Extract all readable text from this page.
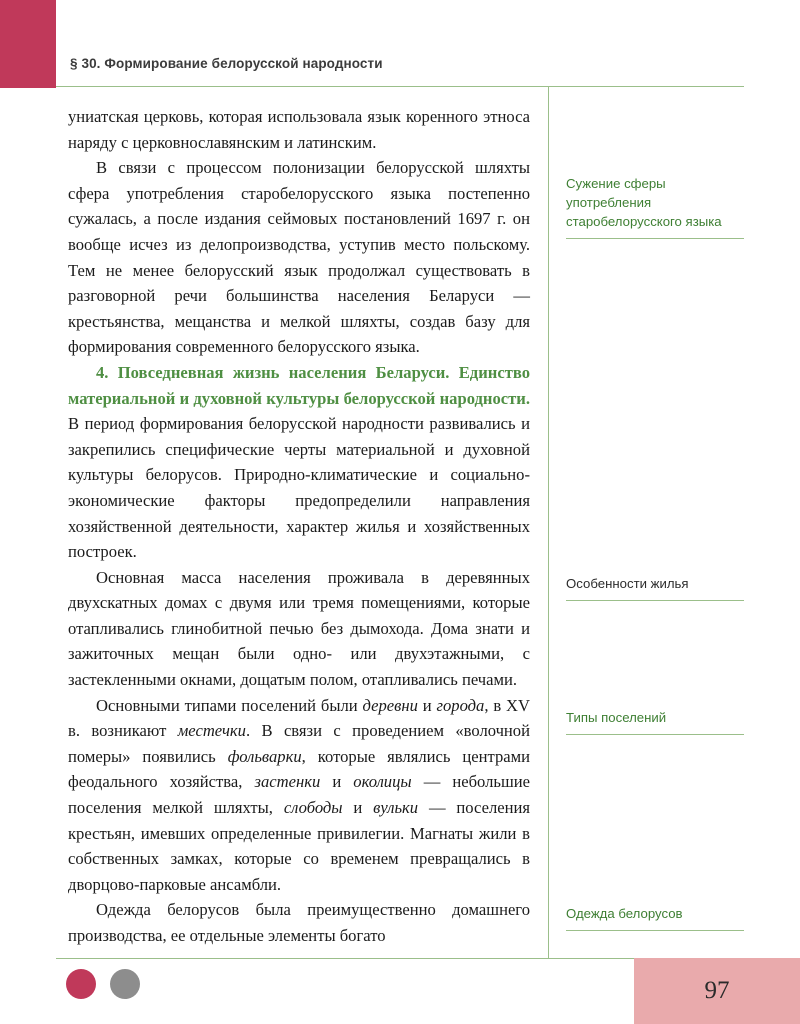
§ 30. Формирование белорусской народности

униатская церковь, которая использовала язык коренного этноса наряду с церковнославянским и латинским.

В связи с процессом полонизации белорусской шляхты сфера употребления старобелорусского языка постепенно сужалась, а после издания сеймовых постановлений 1697 г. он вообще исчез из делопроизводства, уступив место польскому. Тем не менее белорусский язык продолжал существовать в разговорной речи большинства населения Беларуси — крестьянства, мещанства и мелкой шляхты, создав базу для формирования современного белорусского языка.

4. Повседневная жизнь населения Беларуси. Единство материальной и духовной культуры белорусской народности. В период формирования белорусской народности развивались и закрепились специфические черты материальной и духовной культуры белорусов. Природно-климатические и социально-экономические факторы предопределили направления хозяйственной деятельности, характер жилья и хозяйственных построек.

Основная масса населения проживала в деревянных двухскатных домах с двумя или тремя помещениями, которые отапливались глинобитной печью без дымохода. Дома знати и зажиточных мещан были одно- или двухэтажными, с застекленными окнами, дощатым полом, отапливались печами.

Основными типами поселений были деревни и города, в XV в. возникают местечки. В связи с проведением «волочной померы» появились фольварки, которые являлись центрами феодального хозяйства, застенки и околицы — небольшие поселения мелкой шляхты, слободы и вульки — поселения крестьян, имевших определенные привилегии. Магнаты жили в собственных замках, которые со временем превращались в дворцово-парковые ансамбли.

Одежда белорусов была преимущественно домашнего производства, ее отдельные элементы богато

Сужение сферы употребления старобелорусского языка
Особенности жилья
Типы поселений
Одежда белорусов
97
